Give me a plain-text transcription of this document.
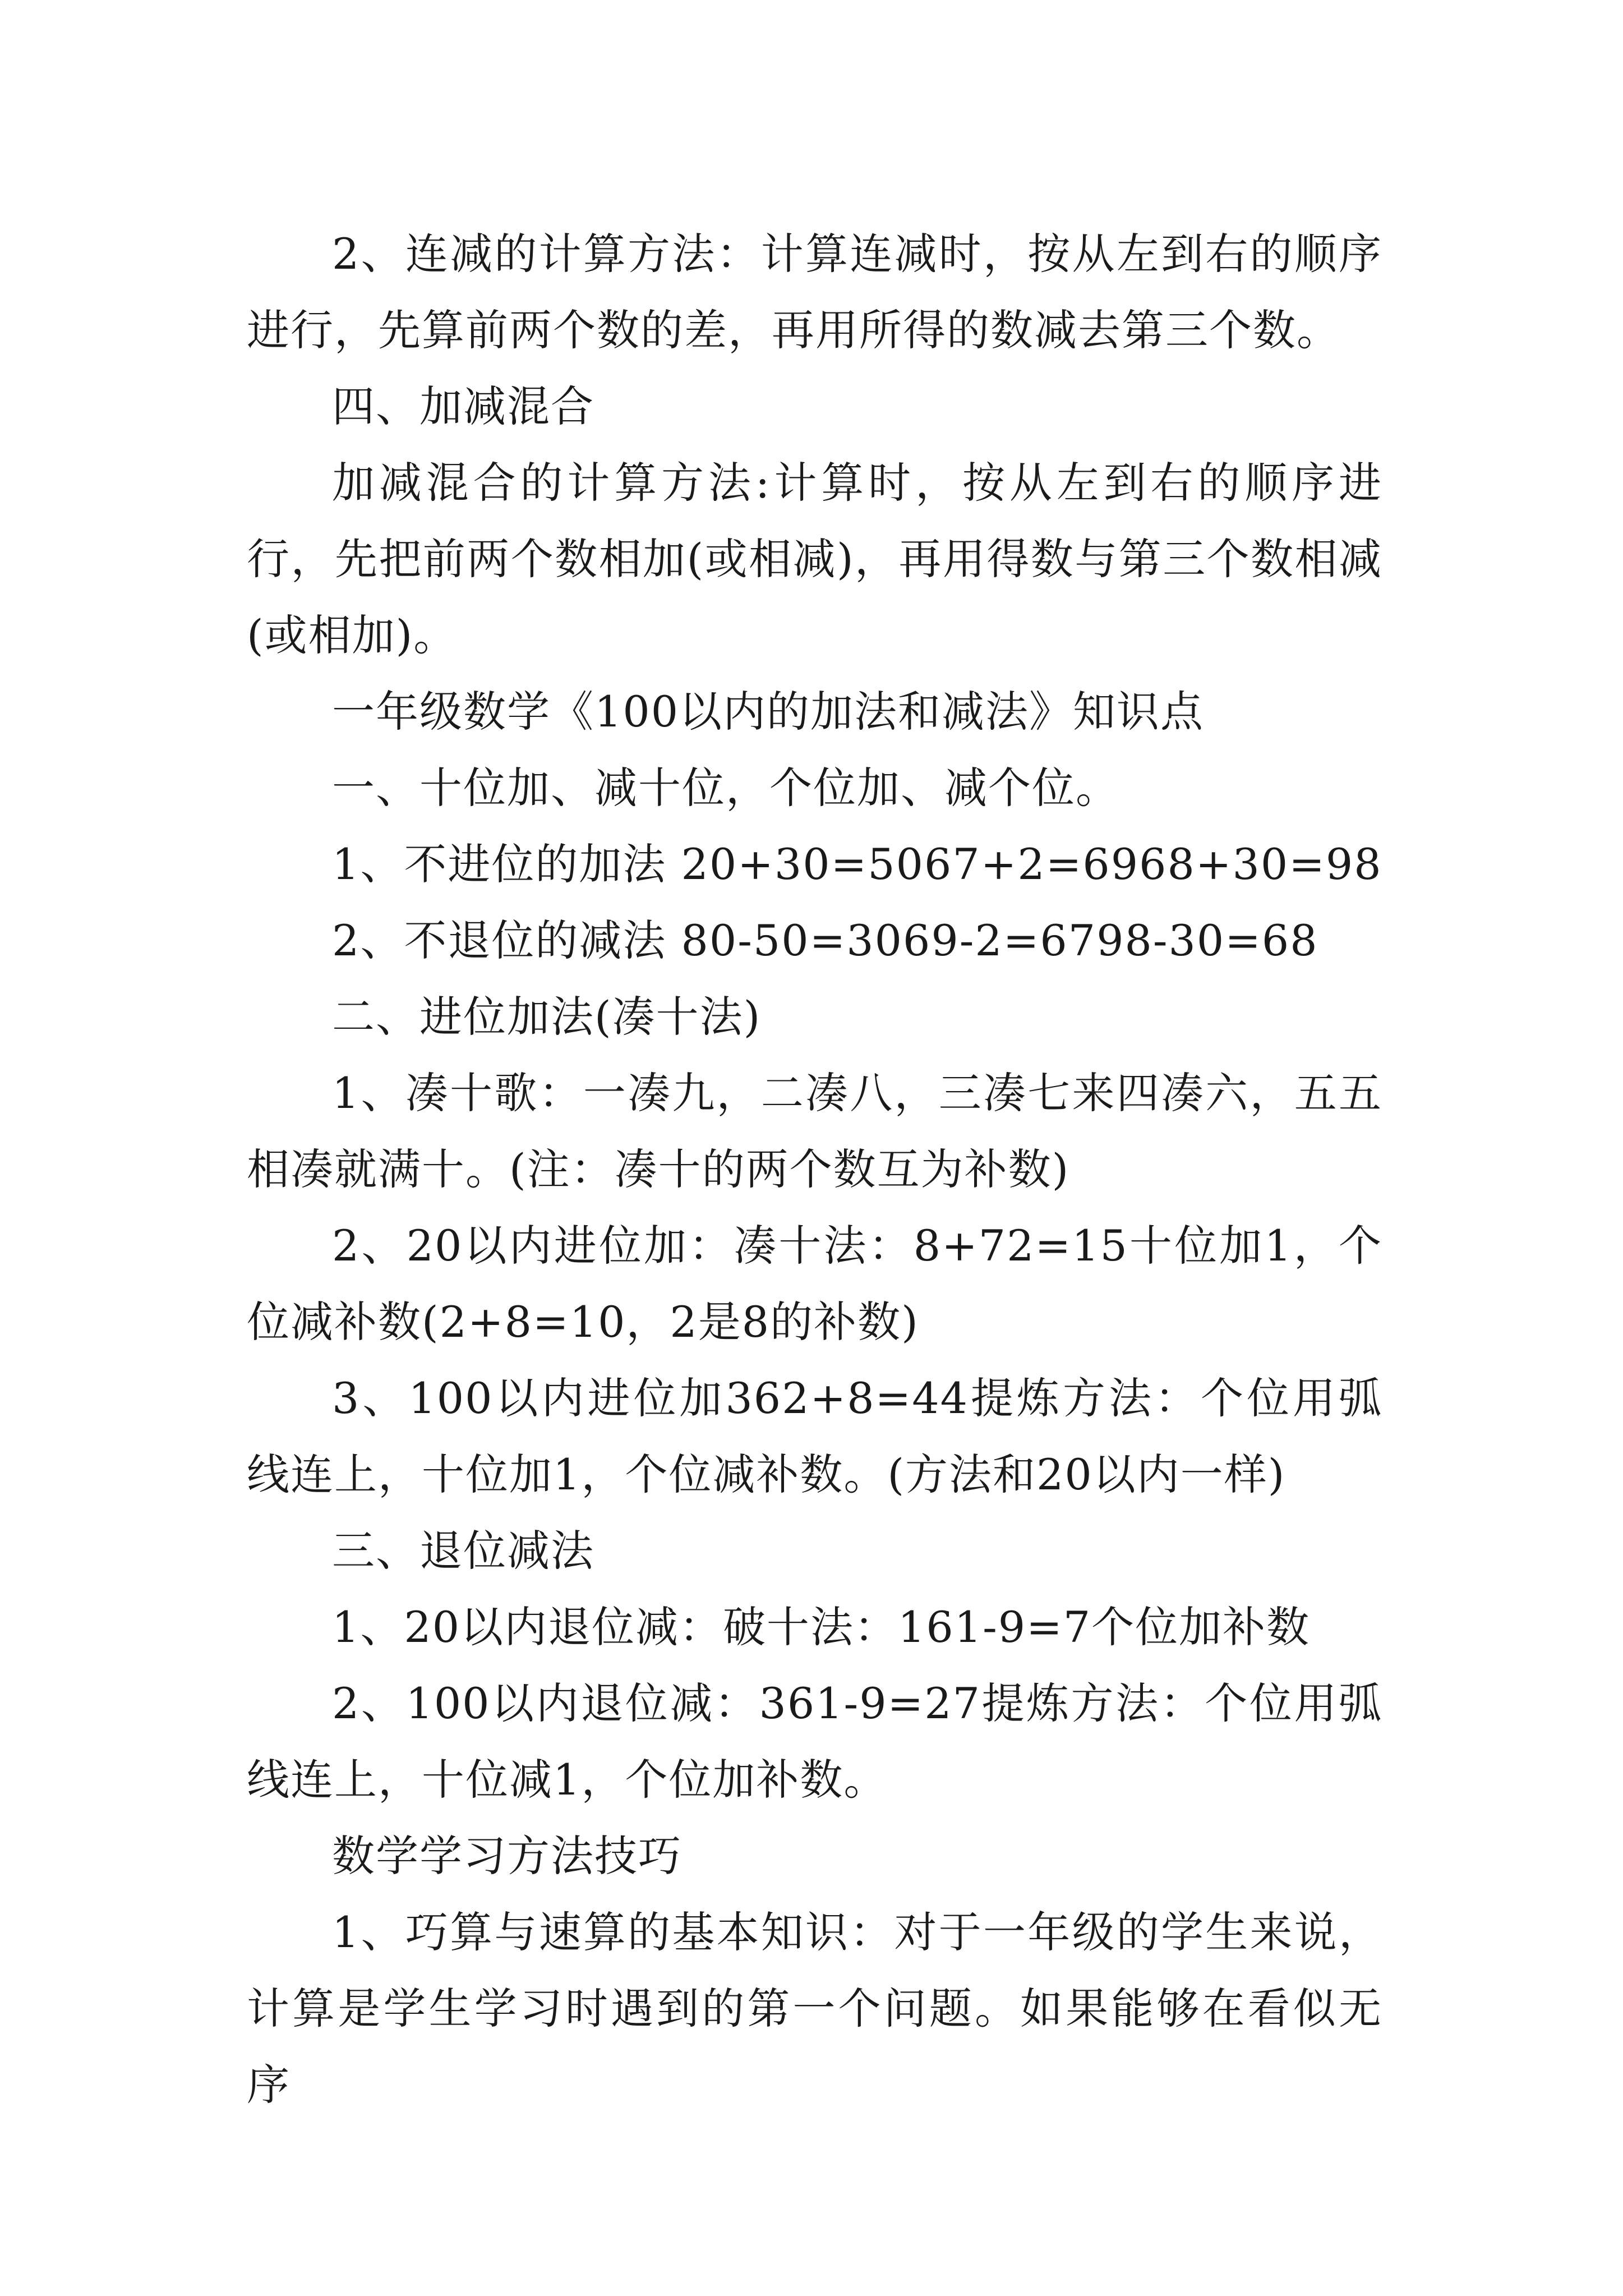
2、连减的计算方法：计算连减时，按从左到右的顺序进行，先算前两个数的差，再用所得的数减去第三个数。

四、加减混合

加减混合的计算方法:计算时，按从左到右的顺序进行，先把前两个数相加(或相减)，再用得数与第三个数相减(或相加)。

一年级数学《100以内的加法和减法》知识点

一、十位加、减十位，个位加、减个位。

1、不进位的加法 20+30=5067+2=6968+30=98

2、不退位的减法 80-50=3069-2=6798-30=68

二、进位加法(凑十法)

1、凑十歌：一凑九，二凑八，三凑七来四凑六，五五相凑就满十。(注：凑十的两个数互为补数)

2、20以内进位加：凑十法：8+72=15十位加1，个位减补数(2+8=10，2是8的补数)

3、100以内进位加362+8=44提炼方法：个位用弧线连上，十位加1，个位减补数。(方法和20以内一样)

三、退位减法

1、20以内退位减：破十法：161-9=7个位加补数

2、100以内退位减：361-9=27提炼方法：个位用弧线连上，十位减1，个位加补数。

数学学习方法技巧

1、巧算与速算的基本知识：对于一年级的学生来说，计算是学生学习时遇到的第一个问题。如果能够在看似无序
